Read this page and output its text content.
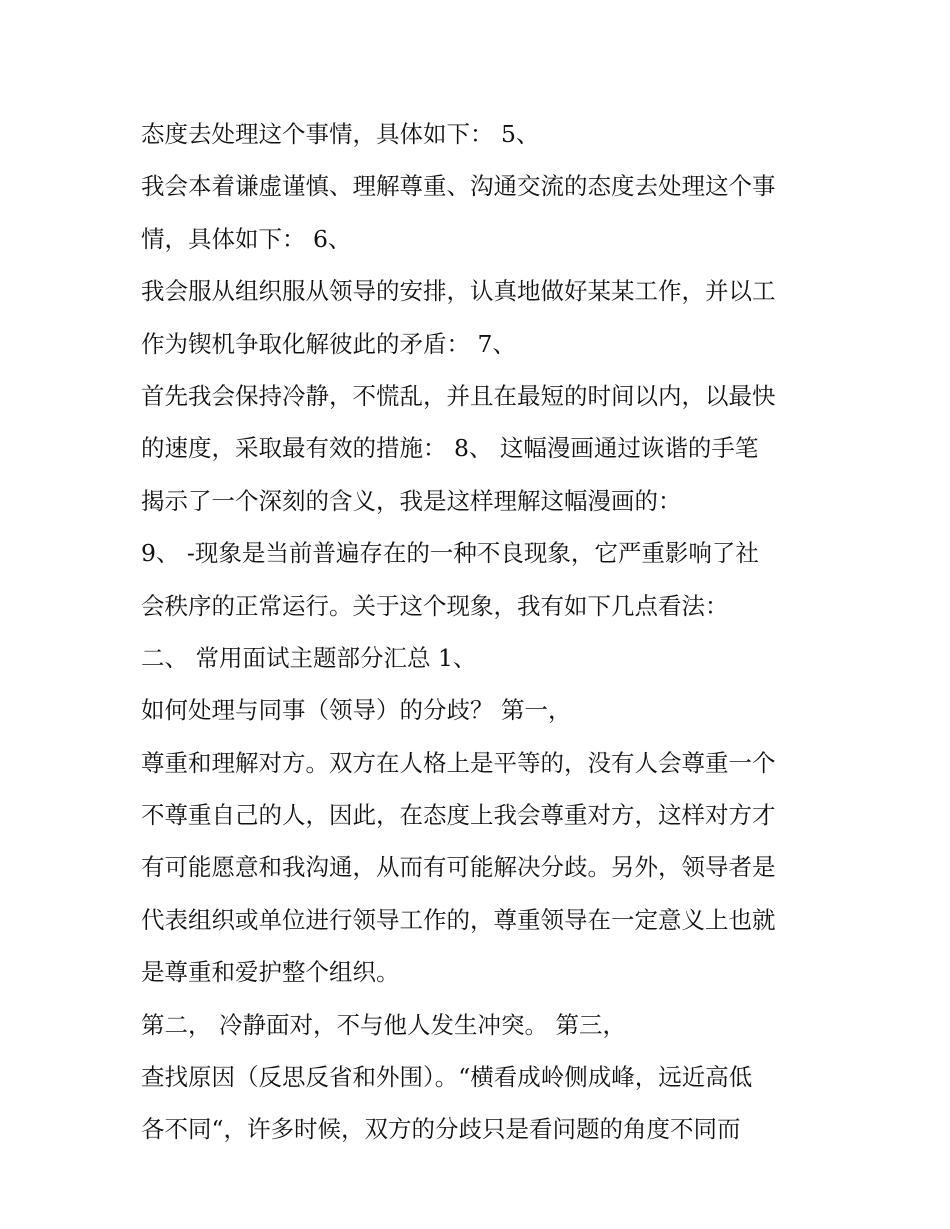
态度去处理这个事情，具体如下： 5、
我会本着谦虚谨慎、理解尊重、沟通交流的态度去处理这个事
情，具体如下： 6、
我会服从组织服从领导的安排，认真地做好某某工作，并以工
作为锲机争取化解彼此的矛盾： 7、
首先我会保持冷静，不慌乱，并且在最短的时间以内，以最快
的速度，采取最有效的措施： 8、 这幅漫画通过诙谐的手笔
揭示了一个深刻的含义，我是这样理解这幅漫画的：
9、 -现象是当前普遍存在的一种不良现象，它严重影响了社
会秩序的正常运行。关于这个现象，我有如下几点看法：
二、 常用面试主题部分汇总 1、
如何处理与同事（领导）的分歧？ 第一，
尊重和理解对方。双方在人格上是平等的，没有人会尊重一个
不尊重自己的人，因此，在态度上我会尊重对方，这样对方才
有可能愿意和我沟通，从而有可能解决分歧。另外，领导者是
代表组织或单位进行领导工作的，尊重领导在一定意义上也就
是尊重和爱护整个组织。
第二， 冷静面对，不与他人发生冲突。 第三，
查找原因（反思反省和外围）。“横看成岭侧成峰，远近高低
各不同“，许多时候，双方的分歧只是看问题的角度不同而
